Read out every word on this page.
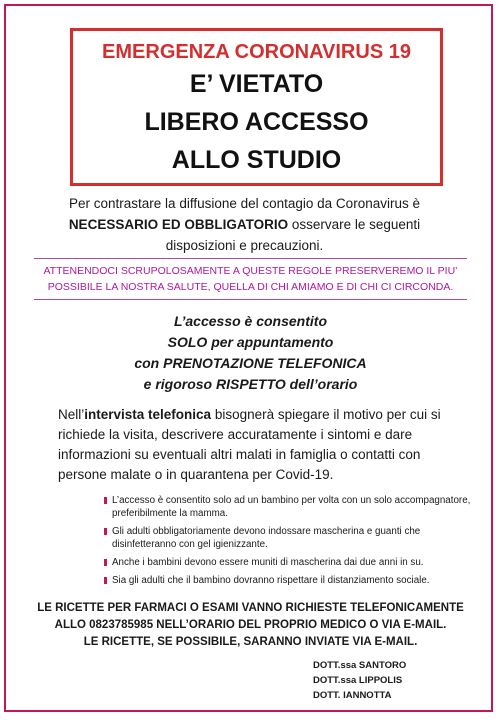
EMERGENZA CORONAVIRUS 19
E’ VIETATO
LIBERO ACCESSO
ALLO STUDIO
Per contrastare la diffusione del contagio da Coronavirus è NECESSARIO ED OBBLIGATORIO osservare le seguenti disposizioni e precauzioni.
ATTENENDOCI SCRUPOLOSAMENTE A QUESTE REGOLE PRESERVEREMO IL PIU’ POSSIBILE LA NOSTRA SALUTE, QUELLA DI CHI AMIAMO E DI CHI CI CIRCONDA.
L’accesso è consentito
SOLO per appuntamento
con PRENOTAZIONE TELEFONICA
e rigoroso RISPETTO dell’orario
Nell’intervista telefonica bisognerà spiegare il motivo per cui si richiede la visita, descrivere accuratamente i sintomi e dare informazioni su eventuali altri malati in famiglia o contatti con persone malate o in quarantena per Covid-19.
L’accesso è consentito solo ad un bambino per volta con un solo accompagnatore, preferibilmente la mamma.
Gli adulti obbligatoriamente devono indossare mascherina e guanti che disinfetteranno con gel igienizzante.
Anche i bambini devono essere muniti di mascherina dai due anni in su.
Sia gli adulti che il bambino dovranno rispettare il distanziamento sociale.
LE RICETTE PER FARMACI O ESAMI VANNO RICHIESTE TELEFONICAMENTE
ALLO 0823785985 NELL’ORARIO DEL PROPRIO MEDICO O VIA E-MAIL.
LE RICETTE, SE POSSIBILE, SARANNO INVIATE VIA E-MAIL.
DOTT.ssa SANTORO
DOTT.ssa LIPPOLIS
DOTT. IANNOTTA
